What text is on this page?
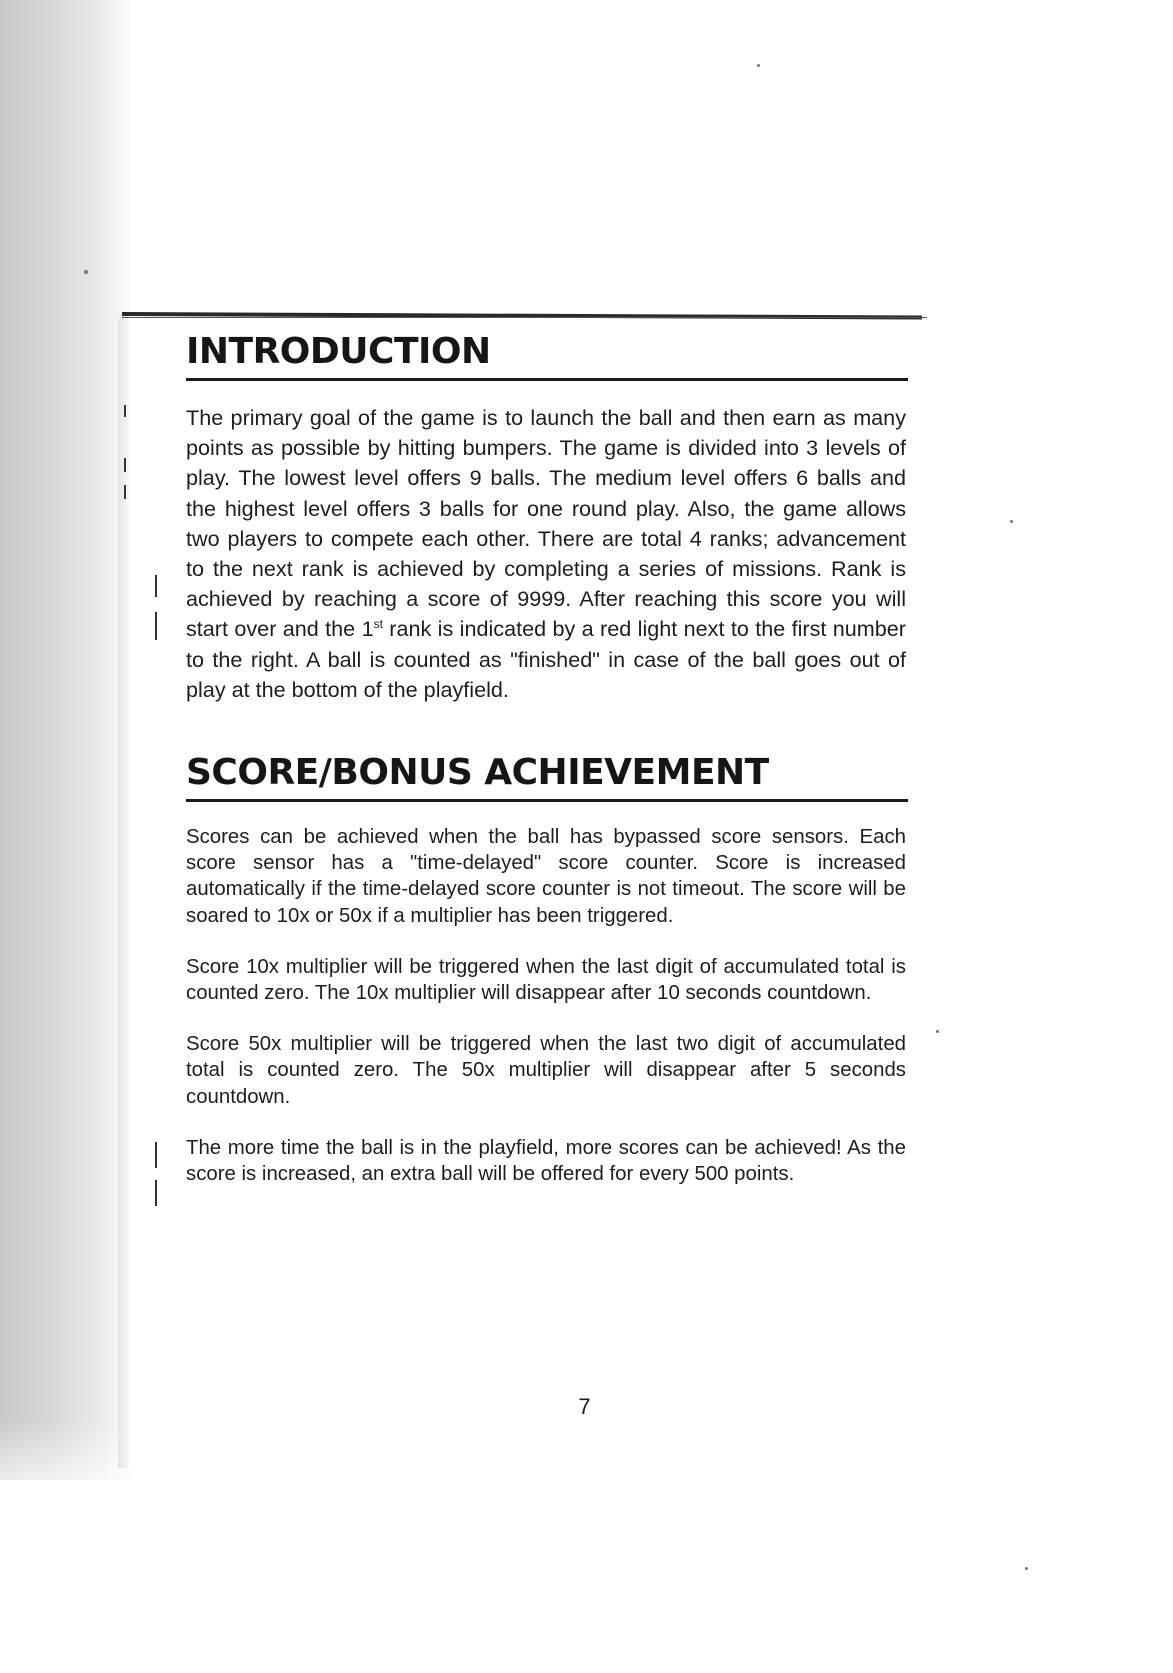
INTRODUCTION

The primary goal of the game is to launch the ball and then earn as many points as possible by hitting bumpers. The game is divided into 3 levels of play. The lowest level offers 9 balls. The medium level offers 6 balls and the highest level offers 3 balls for one round play. Also, the game allows two players to compete each other. There are total 4 ranks; advancement to the next rank is achieved by completing a series of missions. Rank is achieved by reaching a score of 9999. After reaching this score you will start over and the 1st rank is indicated by a red light next to the first number to the right. A ball is counted as "finished" in case of the ball goes out of play at the bottom of the playfield.

SCORE/BONUS ACHIEVEMENT

Scores can be achieved when the ball has bypassed score sensors. Each score sensor has a "time-delayed" score counter. Score is increased automatically if the time-delayed score counter is not timeout. The score will be soared to 10x or 50x if a multiplier has been triggered.

Score 10x multiplier will be triggered when the last digit of accumulated total is counted zero. The 10x multiplier will disappear after 10 seconds countdown.

Score 50x multiplier will be triggered when the last two digit of accumulated total is counted zero. The 50x multiplier will disappear after 5 seconds countdown.

The more time the ball is in the playfield, more scores can be achieved! As the score is increased, an extra ball will be offered for every 500 points.

7
